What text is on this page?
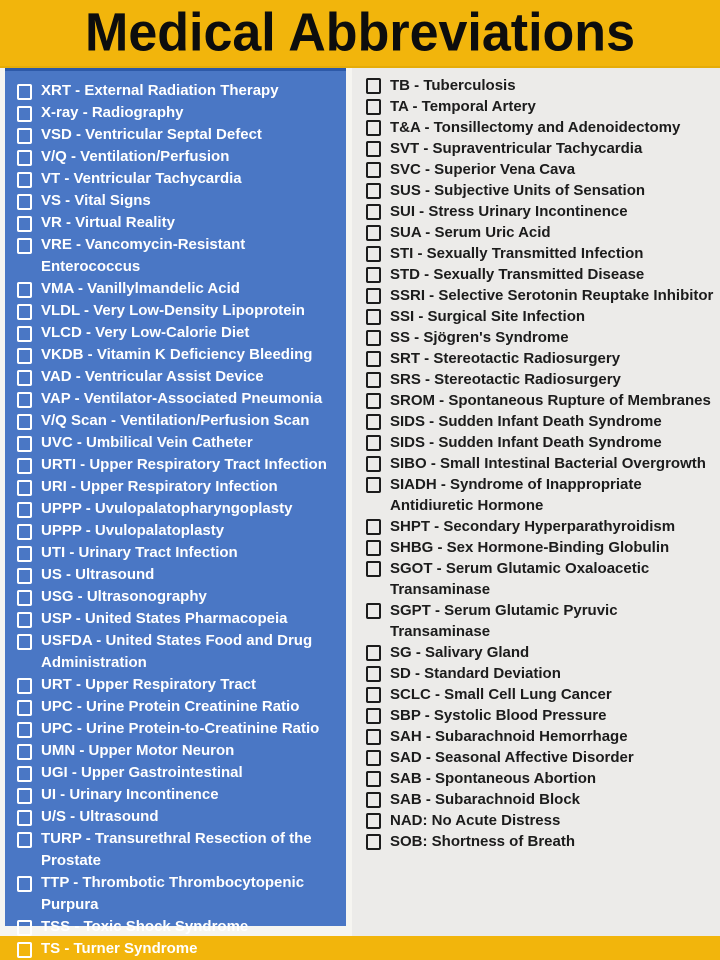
Medical Abbreviations
XRT - External Radiation Therapy
X-ray - Radiography
VSD - Ventricular Septal Defect
V/Q - Ventilation/Perfusion
VT - Ventricular Tachycardia
VS - Vital Signs
VR - Virtual Reality
VRE - Vancomycin-Resistant Enterococcus
VMA - Vanillylmandelic Acid
VLDL - Very Low-Density Lipoprotein
VLCD - Very Low-Calorie Diet
VKDB - Vitamin K Deficiency Bleeding
VAD - Ventricular Assist Device
VAP - Ventilator-Associated Pneumonia
V/Q Scan - Ventilation/Perfusion Scan
UVC - Umbilical Vein Catheter
URTI - Upper Respiratory Tract Infection
URI - Upper Respiratory Infection
UPPP - Uvulopalatopharyngoplasty
UPPP - Uvulopalatoplasty
UTI - Urinary Tract Infection
US - Ultrasound
USG - Ultrasonography
USP - United States Pharmacopeia
USFDA - United States Food and Drug Administration
URT - Upper Respiratory Tract
UPC - Urine Protein Creatinine Ratio
UPC - Urine Protein-to-Creatinine Ratio
UMN - Upper Motor Neuron
UGI - Upper Gastrointestinal
UI - Urinary Incontinence
U/S - Ultrasound
TURP - Transurethral Resection of the Prostate
TTP - Thrombotic Thrombocytopenic Purpura
TSS - Toxic Shock Syndrome
TS - Turner Syndrome
TB - Tuberculosis
TA - Temporal Artery
T&A - Tonsillectomy and Adenoidectomy
SVT - Supraventricular Tachycardia
SVC - Superior Vena Cava
SUS - Subjective Units of Sensation
SUI - Stress Urinary Incontinence
SUA - Serum Uric Acid
STI - Sexually Transmitted Infection
STD - Sexually Transmitted Disease
SSRI - Selective Serotonin Reuptake Inhibitor
SSI - Surgical Site Infection
SS - Sjögren's Syndrome
SRT - Stereotactic Radiosurgery
SRS - Stereotactic Radiosurgery
SROM - Spontaneous Rupture of Membranes
SIDS - Sudden Infant Death Syndrome
SIDS - Sudden Infant Death Syndrome
SIBO - Small Intestinal Bacterial Overgrowth
SIADH - Syndrome of Inappropriate Antidiuretic Hormone
SHPT - Secondary Hyperparathyroidism
SHBG - Sex Hormone-Binding Globulin
SGOT - Serum Glutamic Oxaloacetic Transaminase
SGPT - Serum Glutamic Pyruvic Transaminase
SG - Salivary Gland
SD - Standard Deviation
SCLC - Small Cell Lung Cancer
SBP - Systolic Blood Pressure
SAH - Subarachnoid Hemorrhage
SAD - Seasonal Affective Disorder
SAB - Spontaneous Abortion
SAB - Subarachnoid Block
NAD: No Acute Distress
SOB: Shortness of Breath
